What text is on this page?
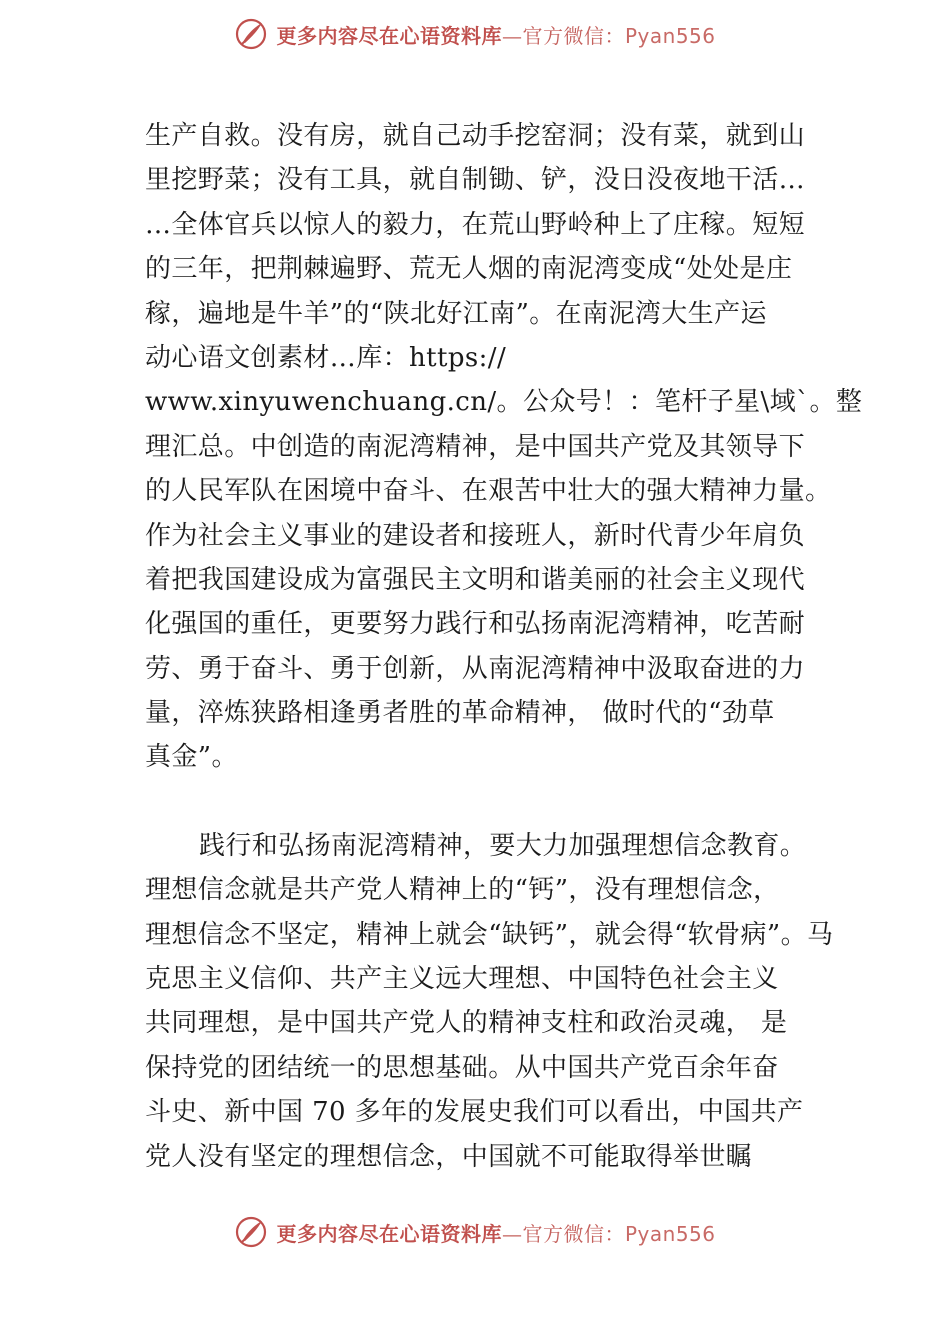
更多内容尽在心语资料库—官方微信：Pyan556
生产自救。没有房，就自己动手挖窑洞；没有菜，就到山
里挖野菜；没有工具，就自制锄、铲，没日没夜地干活…
…全体官兵以惊人的毅力，在荒山野岭种上了庄稼。短短
的三年，把荆棘遍野、荒无人烟的南泥湾变成“处处是庄
稼，遍地是牛羊”的“陕北好江南”。在南泥湾大生产运
动心语文创素材…库：https://
www.xinyuwenchuang.cn/。公众号！：笔杆子星\域`。整
理汇总。中创造的南泥湾精神，是中国共产党及其领导下
的人民军队在困境中奋斗、在艰苦中壮大的强大精神力量。
作为社会主义事业的建设者和接班人，新时代青少年肩负
着把我国建设成为富强民主文明和谐美丽的社会主义现代
化强国的重任，更要努力践行和弘扬南泥湾精神，吃苦耐
劳、勇于奋斗、勇于创新，从南泥湾精神中汲取奋进的力
量，淬炼狭路相逢勇者胜的革命精神， 做时代的“劲草
真金”。
践行和弘扬南泥湾精神，要大力加强理想信念教育。
理想信念就是共产党人精神上的“钙”，没有理想信念，
理想信念不坚定，精神上就会“缺钙”，就会得“软骨病”。马
克思主义信仰、共产主义远大理想、中国特色社会主义
共同理想，是中国共产党人的精神支柱和政治灵魂， 是
保持党的团结统一的思想基础。从中国共产党百余年奋
斗史、新中国 70 多年的发展史我们可以看出，中国共产
党人没有坚定的理想信念，中国就不可能取得举世瞩
更多内容尽在心语资料库—官方微信：Pyan556
